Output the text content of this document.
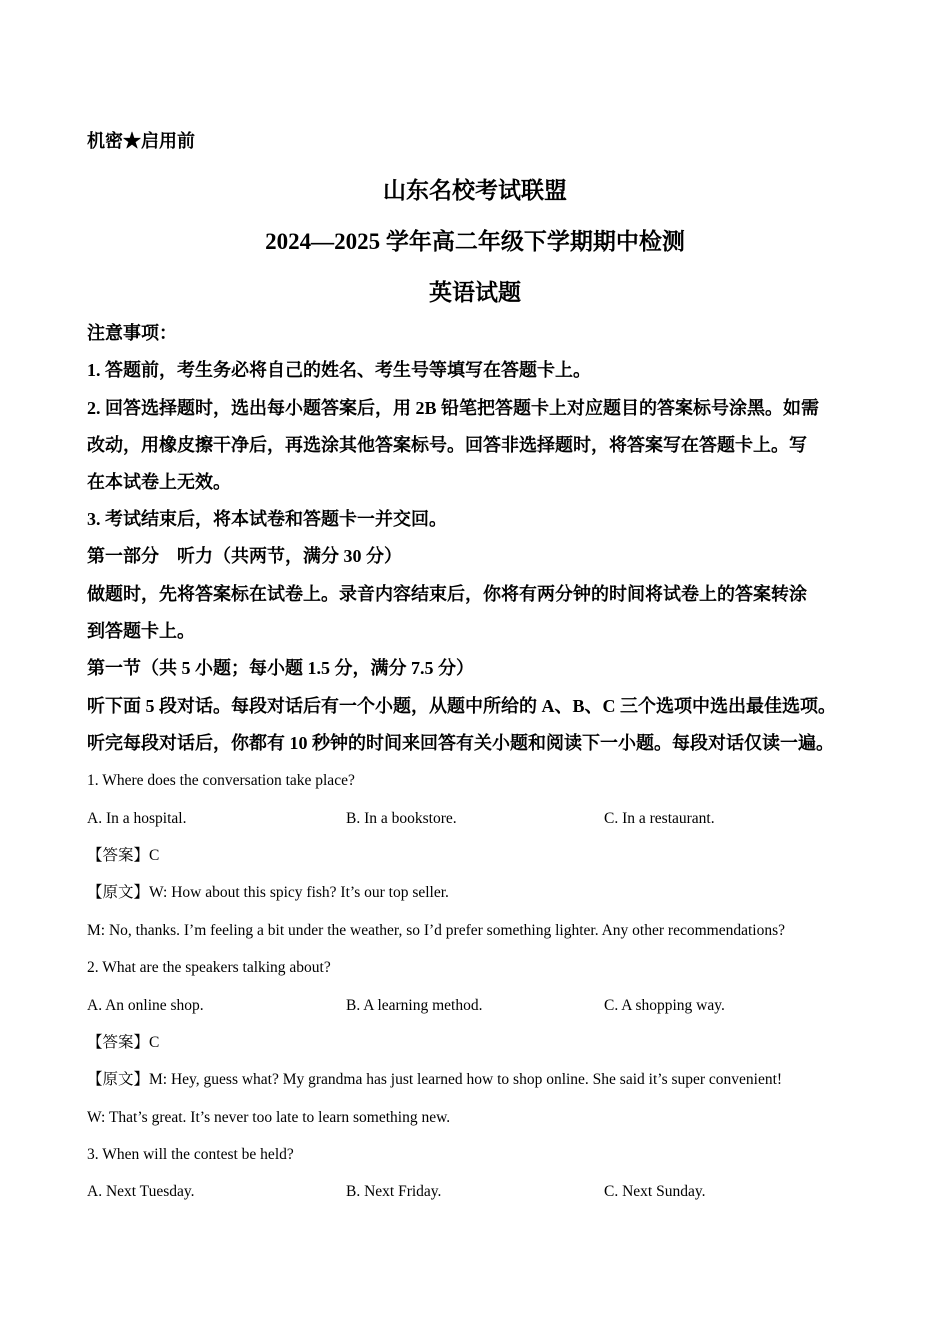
机密★启用前
山东名校考试联盟
2024—2025 学年高二年级下学期期中检测
英语试题
注意事项：
1. 答题前，考生务必将自己的姓名、考生号等填写在答题卡上。
2. 回答选择题时，选出每小题答案后，用 2B 铅笔把答题卡上对应题目的答案标号涂黑。如需
改动，用橡皮擦干净后，再选涂其他答案标号。回答非选择题时，将答案写在答题卡上。写
在本试卷上无效。
3. 考试结束后，将本试卷和答题卡一并交回。
第一部分　听力（共两节，满分 30 分）
做题时，先将答案标在试卷上。录音内容结束后，你将有两分钟的时间将试卷上的答案转涂
到答题卡上。
第一节（共 5 小题；每小题 1.5 分，满分 7.5 分）
听下面 5 段对话。每段对话后有一个小题，从题中所给的 A、B、C 三个选项中选出最佳选项。
听完每段对话后，你都有 10 秒钟的时间来回答有关小题和阅读下一小题。每段对话仅读一遍。
1. Where does the conversation take place?
A. In a hospital.	B. In a bookstore.	C. In a restaurant.
【答案】C
【原文】W: How about this spicy fish? It’s our top seller.
M: No, thanks. I’m feeling a bit under the weather, so I’d prefer something lighter. Any other recommendations?
2. What are the speakers talking about?
A. An online shop.	B. A learning method.	C. A shopping way.
【答案】C
【原文】M: Hey, guess what? My grandma has just learned how to shop online. She said it’s super convenient!
W: That’s great. It’s never too late to learn something new.
3. When will the contest be held?
A. Next Tuesday.	B. Next Friday.	C. Next Sunday.
